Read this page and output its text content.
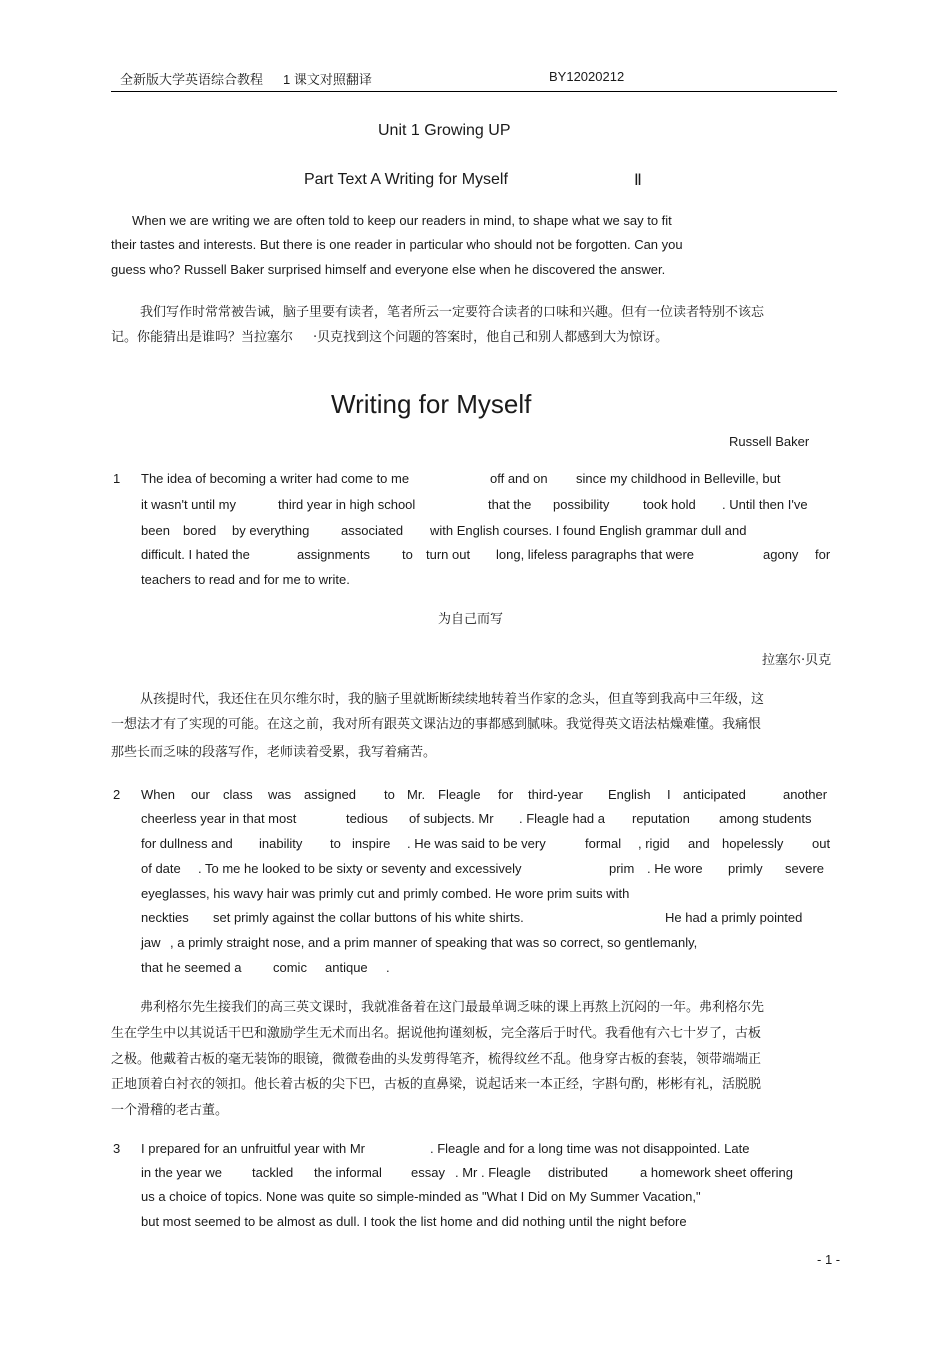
全新版大学英语综合教程 1 课文对照翻译	BY12020212
Unit 1 Growing UP
Part Text A Writing for Myself	Ⅱ
When we are writing we are often told to keep our readers in mind, to shape what we say to fit
their tastes and interests. But there is one reader in particular who should not be forgotten. Can you
guess who? Russell Baker surprised himself and everyone else when he discovered the answer.
我们写作时常常被告诫，脑子里要有读者，笔者所云一定要符合读者的口味和兴趣。但有一位读者特别不该忘
记。你能猜出是谁吗？当拉塞尔 ·贝克找到这个问题的答案时，他自己和别人都感到大为惊讶。
Writing for Myself
Russell Baker
1 The idea of becoming a writer had come to me	off and on since my childhood in Belleville, but
it wasn't until my	third year in high school	that the possibility	took hold . Until then I've
been bored by everything associated with English courses. I found English grammar dull and
difficult. I hated the	assignments to turn out long, lifeless paragraphs that were	agony for
teachers to read and for me to write.
为自己而写
拉塞尔·贝克
从孩提时代，我还住在贝尔维尔时，我的脑子里就断断续续地转着当作家的念头，但直等到我高中三年级，这
一想法才有了实现的可能。在这之前，我对所有跟英文课沾边的事都感到腻味。我觉得英文语法枯燥难懂。我痛恨
那些长而乏味的段落写作，老师读着受累，我写着痛苦。
2 When our class was assigned to Mr. Fleagle for third-year English I anticipated	another
cheerless year in that most	tedious of subjects. Mr . Fleagle had a reputation among students
for dullness and inability to inspire . He was said to be very	formal , rigid and hopelessly out
of date . To me he looked to be sixty or seventy and excessively	prim . He wore primly severe
eyeglasses, his wavy hair was primly cut and primly combed. He wore prim suits with
neckties set primly against the collar buttons of his white shirts.	He had a primly pointed
jaw , a primly straight nose, and a prim manner of speaking that was so correct, so gentlemanly,
that he seemed a comic antique .
弗利格尔先生接我们的高三英文课时，我就准备着在这门最最单调乏味的课上再熬上沉闷的一年。弗利格尔先
生在学生中以其说话干巴和激励学生无术而出名。据说他拘谨刻板，完全落后于时代。我看他有六七十岁了，古板
之极。他戴着古板的毫无装饰的眼镜，微微卷曲的头发剪得笔齐，梳得纹丝不乱。他身穿古板的套装，领带端端正
正地顶着白衬衣的领扣。他长着古板的尖下巴，古板的直鼻梁，说起话来一本正经，字斟句酌，彬彬有礼，活脱脱
一个滑稽的老古董。
3 I prepared for an unfruitful year with Mr	. Fleagle and for a long time was not disappointed. Late
in the year we tackled the informal essay . Mr . Fleagle distributed a homework sheet offering
us a choice of topics. None was quite so simple-minded as "What I Did on My Summer Vacation,"
but most seemed to be almost as dull. I took the list home and did nothing until the night before
- 1 -
